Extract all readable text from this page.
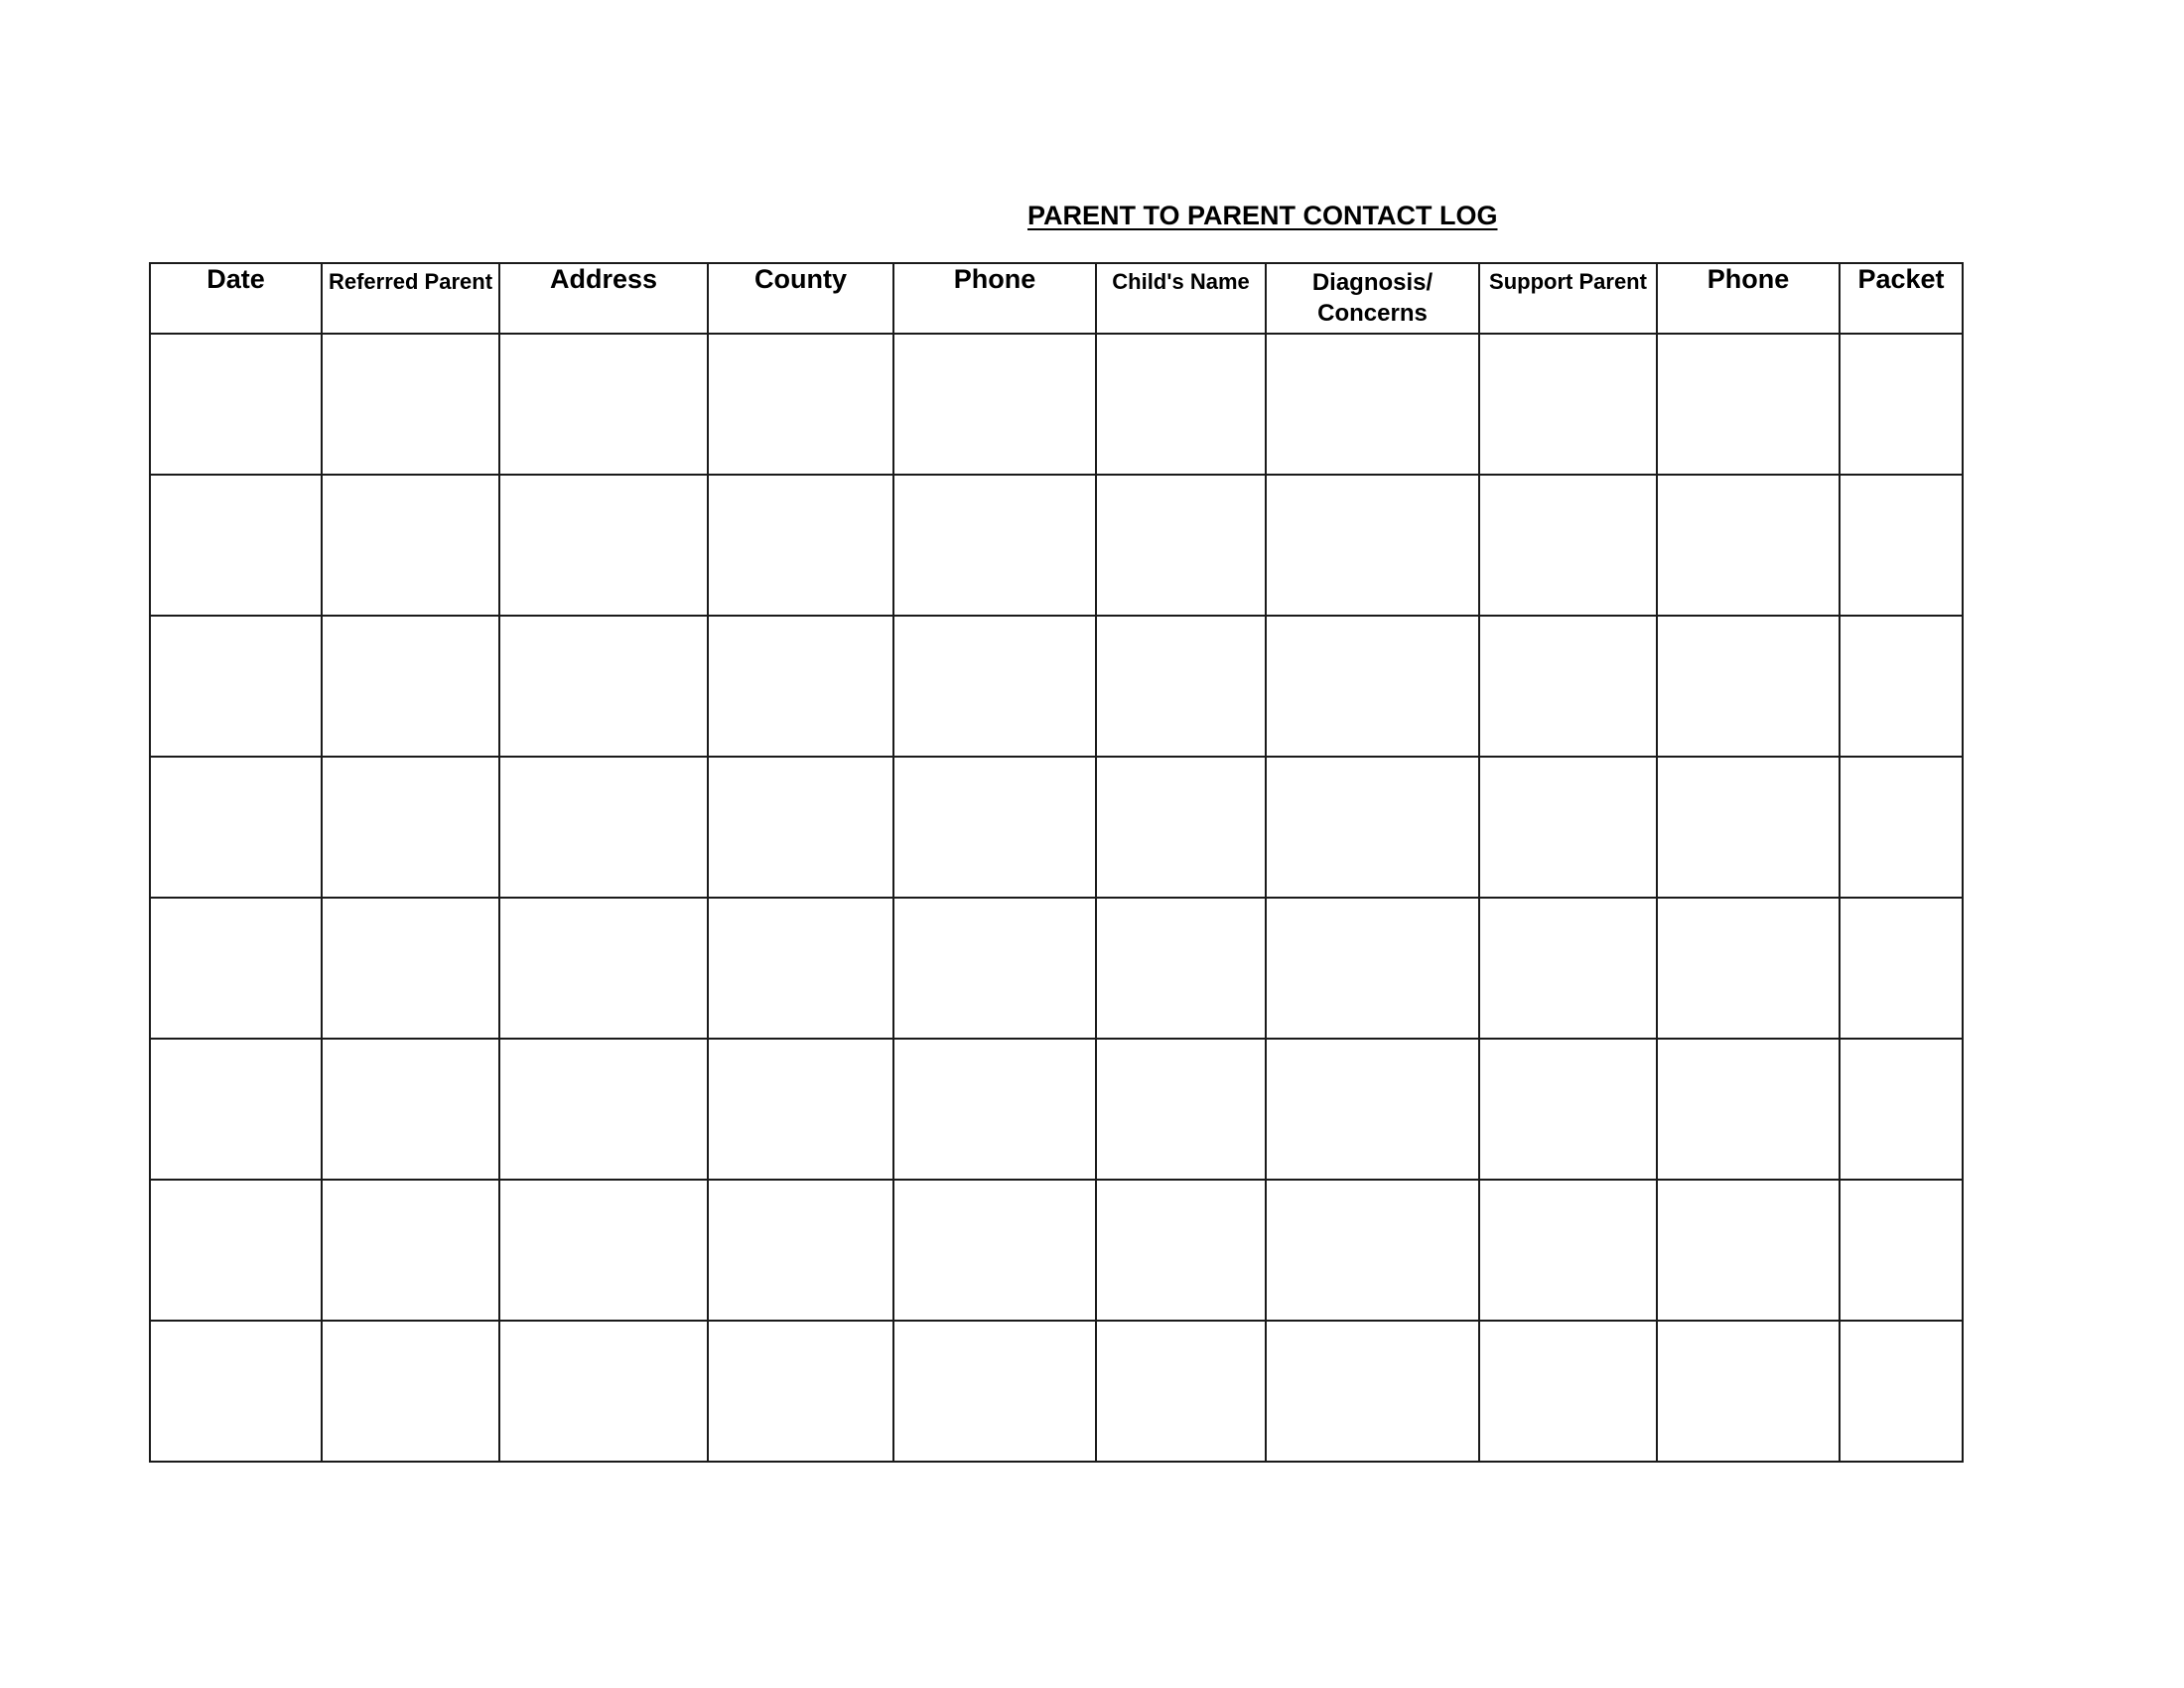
PARENT TO PARENT CONTACT LOG
Date	Referred Parent	Address	County	Phone	Child's Name	Diagnosis/ Concerns	Support Parent	Phone	Packet
